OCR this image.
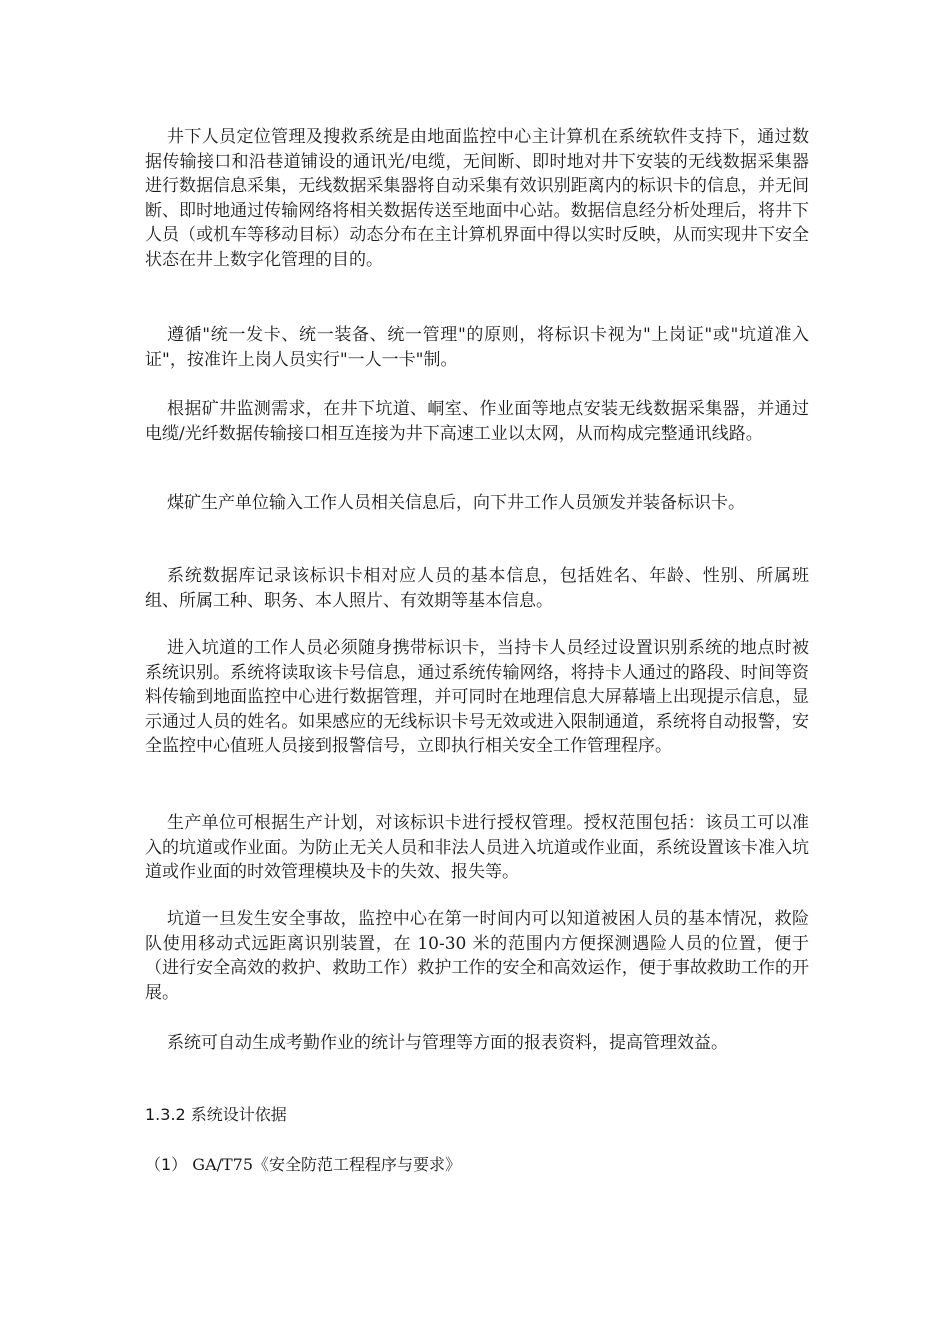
井下人员定位管理及搜救系统是由地面监控中心主计算机在系统软件支持下，通过数据传输接口和沿巷道铺设的通讯光/电缆，无间断、即时地对井下安装的无线数据采集器进行数据信息采集，无线数据采集器将自动采集有效识别距离内的标识卡的信息，并无间断、即时地通过传输网络将相关数据传送至地面中心站。数据信息经分析处理后，将井下人员（或机车等移动目标）动态分布在主计算机界面中得以实时反映，从而实现井下安全状态在井上数字化管理的目的。

遵循"统一发卡、统一装备、统一管理"的原则，将标识卡视为"上岗证"或"坑道准入证"，按准许上岗人员实行"一人一卡"制。

根据矿井监测需求，在井下坑道、峒室、作业面等地点安装无线数据采集器，并通过电缆/光纤数据传输接口相互连接为井下高速工业以太网，从而构成完整通讯线路。

煤矿生产单位输入工作人员相关信息后，向下井工作人员颁发并装备标识卡。

系统数据库记录该标识卡相对应人员的基本信息，包括姓名、年龄、性别、所属班组、所属工种、职务、本人照片、有效期等基本信息。

进入坑道的工作人员必须随身携带标识卡，当持卡人员经过设置识别系统的地点时被系统识别。系统将读取该卡号信息，通过系统传输网络，将持卡人通过的路段、时间等资料传输到地面监控中心进行数据管理，并可同时在地理信息大屏幕墙上出现提示信息，显示通过人员的姓名。如果感应的无线标识卡号无效或进入限制通道，系统将自动报警，安全监控中心值班人员接到报警信号，立即执行相关安全工作管理程序。

生产单位可根据生产计划，对该标识卡进行授权管理。授权范围包括：该员工可以准入的坑道或作业面。为防止无关人员和非法人员进入坑道或作业面，系统设置该卡准入坑道或作业面的时效管理模块及卡的失效、报失等。

坑道一旦发生安全事故，监控中心在第一时间内可以知道被困人员的基本情况，救险队使用移动式远距离识别装置，在 10-30 米的范围内方便探测遇险人员的位置，便于（进行安全高效的救护、救助工作）救护工作的安全和高效运作，便于事故救助工作的开展。

系统可自动生成考勤作业的统计与管理等方面的报表资料，提高管理效益。

1.3.2 系统设计依据

（1） GA/T75《安全防范工程程序与要求》
